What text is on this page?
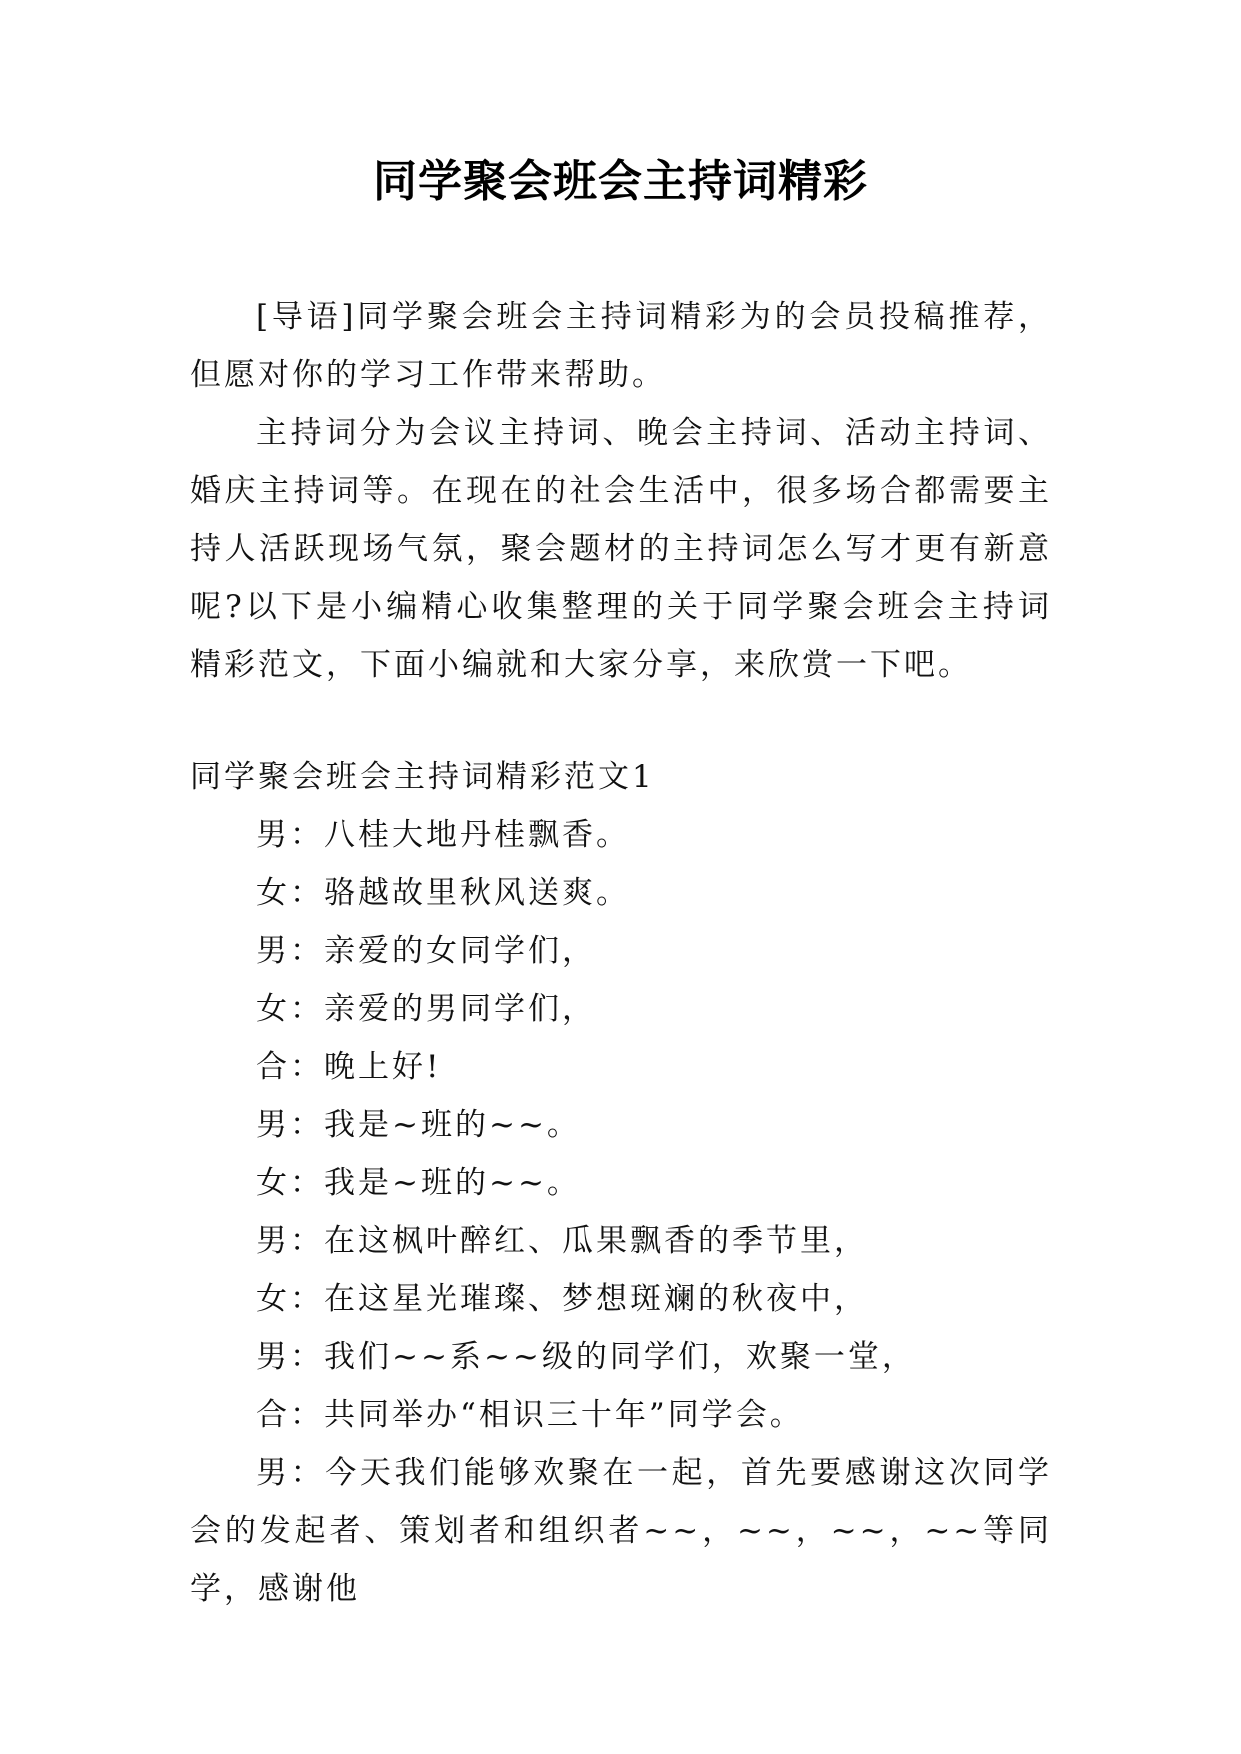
同学聚会班会主持词精彩

[导语]同学聚会班会主持词精彩为的会员投稿推荐，但愿对你的学习工作带来帮助。

主持词分为会议主持词、晚会主持词、活动主持词、婚庆主持词等。在现在的社会生活中，很多场合都需要主持人活跃现场气氛，聚会题材的主持词怎么写才更有新意呢?以下是小编精心收集整理的关于同学聚会班会主持词精彩范文，下面小编就和大家分享，来欣赏一下吧。

同学聚会班会主持词精彩范文1

男：八桂大地丹桂飘香。

女：骆越故里秋风送爽。

男：亲爱的女同学们，

女：亲爱的男同学们，

合：晚上好!

男：我是~班的~~。

女：我是~班的~~。

男：在这枫叶醉红、瓜果飘香的季节里，

女：在这星光璀璨、梦想斑斓的秋夜中，

男：我们~~系~~级的同学们，欢聚一堂，

合：共同举办“相识三十年”同学会。

男：今天我们能够欢聚在一起，首先要感谢这次同学会的发起者、策划者和组织者~~，~~，~~，~~等同学，感谢他
